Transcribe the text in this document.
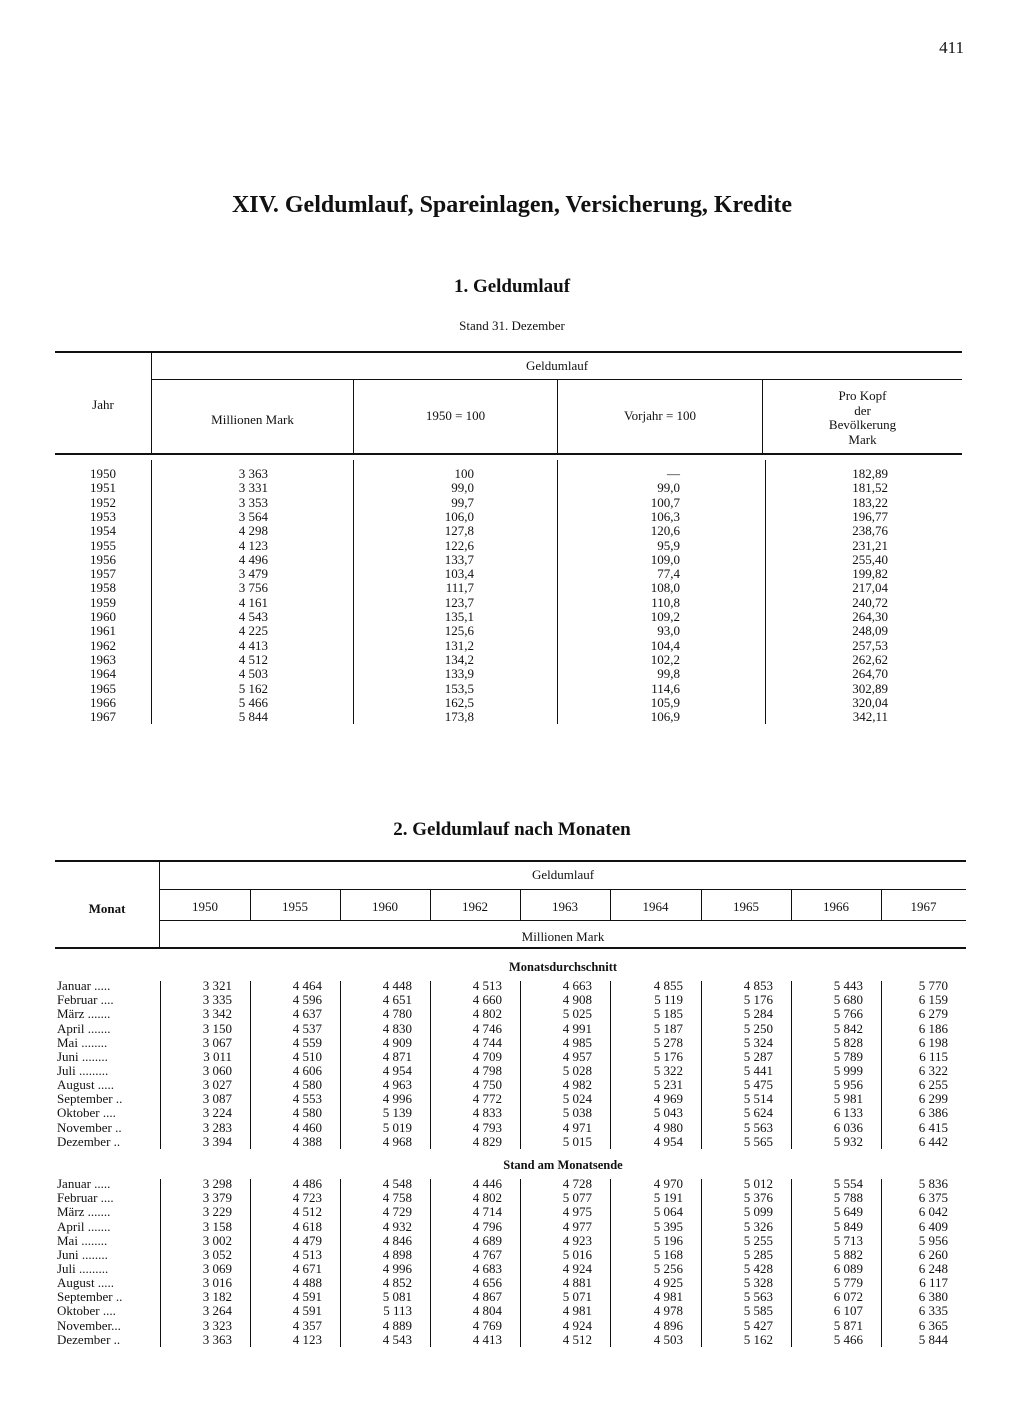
411
XIV. Geldumlauf, Spareinlagen, Versicherung, Kredite
1. Geldumlauf
Stand 31. Dezember
Jahr
Geldumlauf
Millionen Mark	1950 = 100	Vorjahr = 100
Pro Kopf
der
Bevölkerung
Mark
1950	3 363	100	—	182,89
1951	3 331	99,0	99,0	181,52
1952	3 353	99,7	100,7	183,22
1953	3 564	106,0	106,3	196,77
1954	4 298	127,8	120,6	238,76
1955	4 123	122,6	95,9	231,21
1956	4 496	133,7	109,0	255,40
1957	3 479	103,4	77,4	199,82
1958	3 756	111,7	108,0	217,04
1959	4 161	123,7	110,8	240,72
1960	4 543	135,1	109,2	264,30
1961	4 225	125,6	93,0	248,09
1962	4 413	131,2	104,4	257,53
1963	4 512	134,2	102,2	262,62
1964	4 503	133,9	99,8	264,70
1965	5 162	153,5	114,6	302,89
1966	5 466	162,5	105,9	320,04
1967	5 844	173,8	106,9	342,11
2. Geldumlauf nach Monaten
Monat
Geldumlauf
Millionen Mark
1950	1955	1960	1962	1963	1964	1965	1966	1967
Monatsdurchschnitt
Stand am Monatsende
Januar .....	3 321	4 464	4 448	4 513	4 663	4 855	4 853	5 443	5 770
Februar ....	3 335	4 596	4 651	4 660	4 908	5 119	5 176	5 680	6 159
März .......	3 342	4 637	4 780	4 802	5 025	5 185	5 284	5 766	6 279
April .......	3 150	4 537	4 830	4 746	4 991	5 187	5 250	5 842	6 186
Mai ........	3 067	4 559	4 909	4 744	4 985	5 278	5 324	5 828	6 198
Juni ........	3 011	4 510	4 871	4 709	4 957	5 176	5 287	5 789	6 115
Juli .........	3 060	4 606	4 954	4 798	5 028	5 322	5 441	5 999	6 322
August .....	3 027	4 580	4 963	4 750	4 982	5 231	5 475	5 956	6 255
September ..	3 087	4 553	4 996	4 772	5 024	4 969	5 514	5 981	6 299
Oktober ....	3 224	4 580	5 139	4 833	5 038	5 043	5 624	6 133	6 386
November ..	3 283	4 460	5 019	4 793	4 971	4 980	5 563	6 036	6 415
Dezember ..	3 394	4 388	4 968	4 829	5 015	4 954	5 565	5 932	6 442
Januar .....	3 298	4 486	4 548	4 446	4 728	4 970	5 012	5 554	5 836
Februar ....	3 379	4 723	4 758	4 802	5 077	5 191	5 376	5 788	6 375
März .......	3 229	4 512	4 729	4 714	4 975	5 064	5 099	5 649	6 042
April .......	3 158	4 618	4 932	4 796	4 977	5 395	5 326	5 849	6 409
Mai ........	3 002	4 479	4 846	4 689	4 923	5 196	5 255	5 713	5 956
Juni ........	3 052	4 513	4 898	4 767	5 016	5 168	5 285	5 882	6 260
Juli .........	3 069	4 671	4 996	4 683	4 924	5 256	5 428	6 089	6 248
August .....	3 016	4 488	4 852	4 656	4 881	4 925	5 328	5 779	6 117
September ..	3 182	4 591	5 081	4 867	5 071	4 981	5 563	6 072	6 380
Oktober ....	3 264	4 591	5 113	4 804	4 981	4 978	5 585	6 107	6 335
November...	3 323	4 357	4 889	4 769	4 924	4 896	5 427	5 871	6 365
Dezember ..	3 363	4 123	4 543	4 413	4 512	4 503	5 162	5 466	5 844
